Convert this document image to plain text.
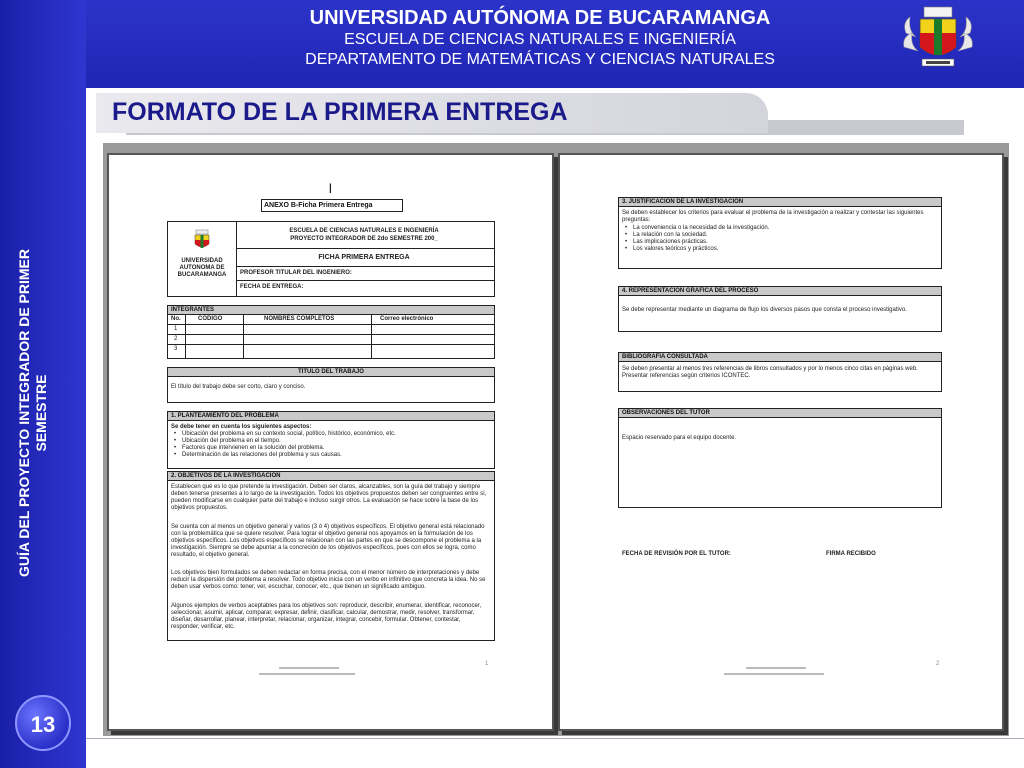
UNIVERSIDAD AUTÓNOMA DE BUCARAMANGA
ESCUELA DE CIENCIAS NATURALES E INGENIERÍA
DEPARTAMENTO DE MATEMÁTICAS Y CIENCIAS NATURALES
FORMATO DE LA PRIMERA ENTREGA
GUÍA DEL PROYECTO INTEGRADOR DE PRIMER SEMESTRE
13
|
ANEXO B-Ficha Primera Entrega
UNIVERSIDAD AUTONOMA DE BUCARAMANGA
ESCUELA DE CIENCIAS NATURALES E INGENIERÍA
PROYECTO INTEGRADOR DE 2do SEMESTRE 200_
FICHA PRIMERA ENTREGA
PROFESOR TITULAR DEL INGENIERO:
FECHA DE ENTREGA:
INTEGRANTES
No.	CODIGO	NOMBRES COMPLETOS	Correo electrónico
1
2
3
TITULO DEL TRABAJO
El título del trabajo debe ser corto, claro y conciso.
1. PLANTEAMIENTO DEL PROBLEMA
Se debe tener en cuenta los siguientes aspectos:
• Ubicación del problema en su contexto social, político, histórico, económico, etc.
• Ubicación del problema en el tiempo.
• Factores que intervienen en la solución del problema.
• Determinación de las relaciones del problema y sus causas.
2. OBJETIVOS DE LA INVESTIGACION
Establecen qué es lo que pretende la investigación. Deben ser claros, alcanzables, son la guía del trabajo y siempre deben tenerse presentes a lo largo de la investigación. Todos los objetivos propuestos deben ser congruentes entre sí, pueden modificarse en cualquier parte del trabajo e incluso surgir otros. La evaluación se hace sobre la base de los objetivos propuestos.
Se cuenta con al menos un objetivo general y varios (3 ó 4) objetivos específicos. El objetivo general está relacionado con la problemática que se quiere resolver. Para lograr el objetivo general nos apoyamos en la formulación de los objetivos específicos. Los objetivos específicos se relacionan con las partes en que se descompone el problema a la investigación. Siempre se debe apuntar a la concreción de los objetivos específicos, pues con ellos se logra, como resultado, el objetivo general.
Los objetivos bien formulados se deben redactar en forma precisa, con el menor número de interpretaciones y debe reducir la dispersión del problema a resolver. Todo objetivo inicia con un verbo en infinitivo que concreta la idea. No se deben usar verbos como: tener, ver, escuchar, conocer, etc., que tienen un significado ambiguo.
Algunos ejemplos de verbos aceptables para los objetivos son: reproducir, describir, enumerar, identificar, reconocer, seleccionar, asumir, aplicar, comparar, expresar, definir, clasificar, calcular, demostrar, medir, resolver, transformar, diseñar, desarrollar, planear, interpretar, relacionar, organizar, integrar, concebir, formular. Obtener, contestar, responder, verificar, etc.
1
3. JUSTIFICACION DE LA INVESTIGACION
Se deben establecer los criterios para evaluar el problema de la investigación a realizar y contestar las siguientes preguntas:
• La conveniencia o la necesidad de la investigación.
• La relación con la sociedad.
• Las implicaciones prácticas.
• Los valores teóricos y prácticos.
4. REPRESENTACION GRAFICA DEL PROCESO
Se debe representar mediante un diagrama de flujo los diversos pasos que consta el proceso investigativo.
BIBLIOGRAFIA CONSULTADA
Se deben presentar al menos tres referencias de libros consultados y por lo menos cinco citas en páginas web. Presentar referencias según criterios ICONTEC.
OBSERVACIONES DEL TUTOR
Espacio reservado para el equipo docente.
FECHA DE REVISIÓN POR EL TUTOR:	FIRMA RECIBIDO
2
